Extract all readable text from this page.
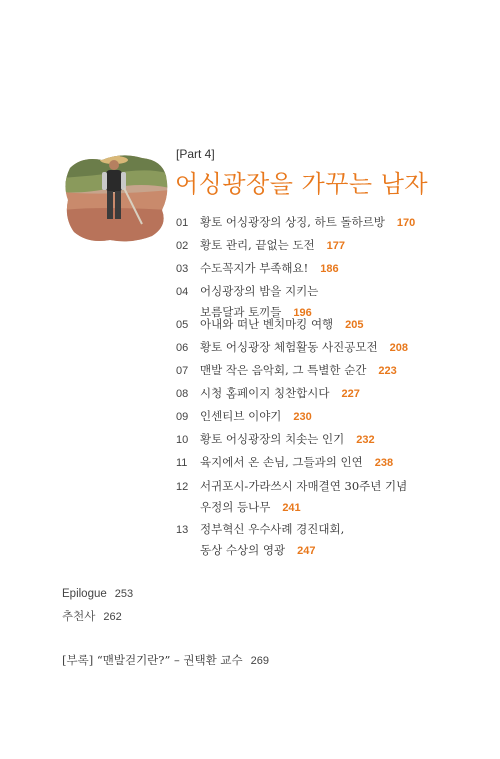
[Part 4]
어싱광장을 가꾸는 남자
01 황토 어싱광장의 상징, 하트 돌하르방 170
02 황토 관리, 끝없는 도전 177
03 수도꼭지가 부족해요! 186
04 어싱광장의 밤을 지키는
보름달과 토끼들 196
05 아내와 떠난 벤치마킹 여행 205
06 황토 어싱광장 체험활동 사진공모전 208
07 맨발 작은 음악회, 그 특별한 순간 223
08 시청 홈페이지 칭찬합시다 227
09 인센티브 이야기 230
10 황토 어싱광장의 치솟는 인기 232
11 육지에서 온 손님, 그들과의 인연 238
12 서귀포시-가라쓰시 자매결연 30주년 기념
우정의 등나무 241
13 정부혁신 우수사례 경진대회,
동상 수상의 영광 247
Epilogue 253
추천사 262
[부록] “맨발걷기란?” – 권택환 교수 269
